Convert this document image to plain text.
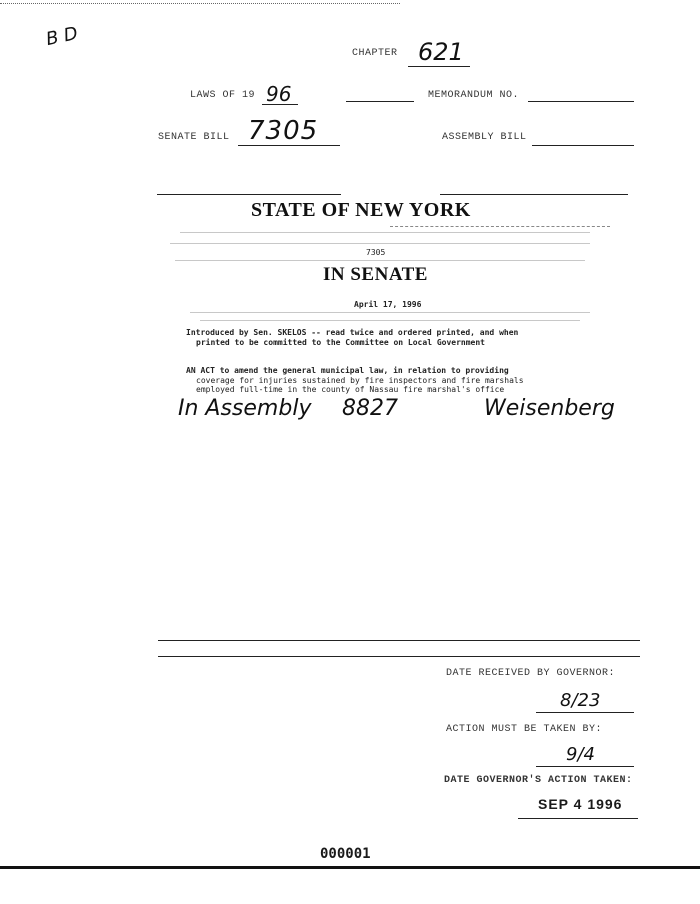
B D
CHAPTER 621
LAWS OF 19 96	MEMORANDUM NO.
SENATE BILL 7305	ASSEMBLY BILL
STATE OF NEW YORK
7305
IN SENATE
April 17, 1996
Introduced by Sen. SKELOS -- read twice and ordered printed, and when
printed to be committed to the Committee on Local Government
AN ACT to amend the general municipal law, in relation to providing
coverage for injuries sustained by fire inspectors and fire marshals
employed full-time in the county of Nassau fire marshal's office
In Assembly 8827	Weisenberg
DATE RECEIVED BY GOVERNOR:
8/23
ACTION MUST BE TAKEN BY:
9/4
DATE GOVERNOR'S ACTION TAKEN:
SEP 4 1996
000001
